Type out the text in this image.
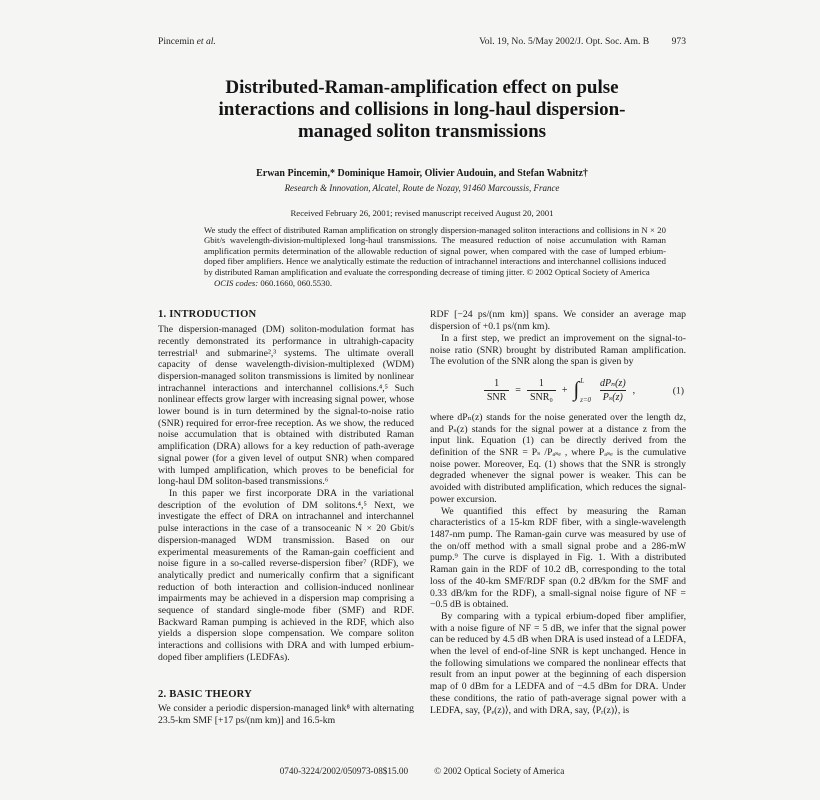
Pincemin et al.	Vol. 19, No. 5/May 2002/J. Opt. Soc. Am. B 973
Distributed-Raman-amplification effect on pulse interactions and collisions in long-haul dispersion-managed soliton transmissions
Erwan Pincemin,* Dominique Hamoir, Olivier Audouin, and Stefan Wabnitz†
Research & Innovation, Alcatel, Route de Nozay, 91460 Marcoussis, France
Received February 26, 2001; revised manuscript received August 20, 2001
We study the effect of distributed Raman amplification on strongly dispersion-managed soliton interactions and collisions in N × 20 Gbit/s wavelength-division-multiplexed long-haul transmissions. The measured reduction of noise accumulation with Raman amplification permits determination of the allowable reduction of signal power, when compared with the case of lumped erbium-doped fiber amplifiers. Hence we analytically estimate the reduction of intrachannel interactions and interchannel collisions induced by distributed Raman amplification and evaluate the corresponding decrease of timing jitter. © 2002 Optical Society of America
OCIS codes: 060.1660, 060.5530.
1. INTRODUCTION

The dispersion-managed (DM) soliton-modulation format has recently demonstrated its performance in ultrahigh-capacity terrestrial¹ and submarine²,³ systems. The ultimate overall capacity of dense wavelength-division-multiplexed (WDM) dispersion-managed soliton transmissions is limited by nonlinear intrachannel interactions and interchannel collisions.⁴,⁵ Such nonlinear effects grow larger with increasing signal power, whose lower bound is in turn determined by the signal-to-noise ratio (SNR) required for error-free reception. As we show, the reduced noise accumulation that is obtained with distributed Raman amplification (DRA) allows for a key reduction of path-average signal power (for a given level of output SNR) when compared with lumped amplification, which proves to be beneficial for long-haul DM soliton-based transmissions.⁶

In this paper we first incorporate DRA in the variational description of the evolution of DM solitons.⁴,⁵ Next, we investigate the effect of DRA on intrachannel and interchannel pulse interactions in the case of a transoceanic N × 20 Gbit/s dispersion-managed WDM transmission. Based on our experimental measurements of the Raman-gain coefficient and noise figure in a so-called reverse-dispersion fiber⁷ (RDF), we analytically predict and numerically confirm that a significant reduction of both interaction and collision-induced nonlinear impairments may be achieved in a dispersion map comprising a sequence of standard single-mode fiber (SMF) and RDF. Backward Raman pumping is achieved in the RDF, which also yields a dispersion slope compensation. We compare soliton interactions and collisions with DRA and with lumped erbium-doped fiber amplifiers (LEDFAs).

2. BASIC THEORY

We consider a periodic dispersion-managed link⁸ with alternating 23.5-km SMF [+17 ps/(nm km)] and 16.5-km

RDF [−24 ps/(nm km)] spans. We consider an average map dispersion of +0.1 ps/(nm km).

In a first step, we predict an improvement on the signal-to-noise ratio (SNR) brought by distributed Raman amplification. The evolution of the SNR along the span is given by

$\frac{1}{\text{SNR}} = \frac{1}{\text{SNR₀}}$ + ∫ L
$z=0 \frac{\text{dPₙ(z)}}{\text{Pₛ(z)}}$ ,	(1)

where dPₙ(z) stands for the noise generated over the length dz, and Pₛ(z) stands for the signal power at a distance z from the input link. Equation (1) can be directly derived from the definition of the SNR = Pₛ /Pₐₛₑ , where Pₐₛₑ is the cumulative noise power. Moreover, Eq. (1) shows that the SNR is strongly degraded whenever the signal power is weaker. This can be avoided with distributed amplification, which reduces the signal-power excursion.

We quantified this effect by measuring the Raman characteristics of a 15-km RDF fiber, with a single-wavelength 1487-nm pump. The Raman-gain curve was measured by use of the on/off method with a small signal probe and a 286-mW pump.⁹ The curve is displayed in Fig. 1. With a distributed Raman gain in the RDF of 10.2 dB, corresponding to the total loss of the 40-km SMF/RDF span (0.2 dB/km for the SMF and 0.33 dB/km for the RDF), a small-signal noise figure of NF = −0.5 dB is obtained.

By comparing with a typical erbium-doped fiber amplifier, with a noise figure of NF = 5 dB, we infer that the signal power can be reduced by 4.5 dB when DRA is used instead of a LEDFA, when the level of end-of-line SNR is kept unchanged. Hence in the following simulations we compared the nonlinear effects that result from an input power at the beginning of each dispersion map of 0 dBm for a LEDFA and of −4.5 dBm for DRA. Under these conditions, the ratio of path-average signal power with a LEDFA, say, ⟨Pₑ(z)⟩, and with DRA, say, ⟨Pᵣ(z)⟩, is

0740-3224/2002/050973-08$15.00	© 2002 Optical Society of America
